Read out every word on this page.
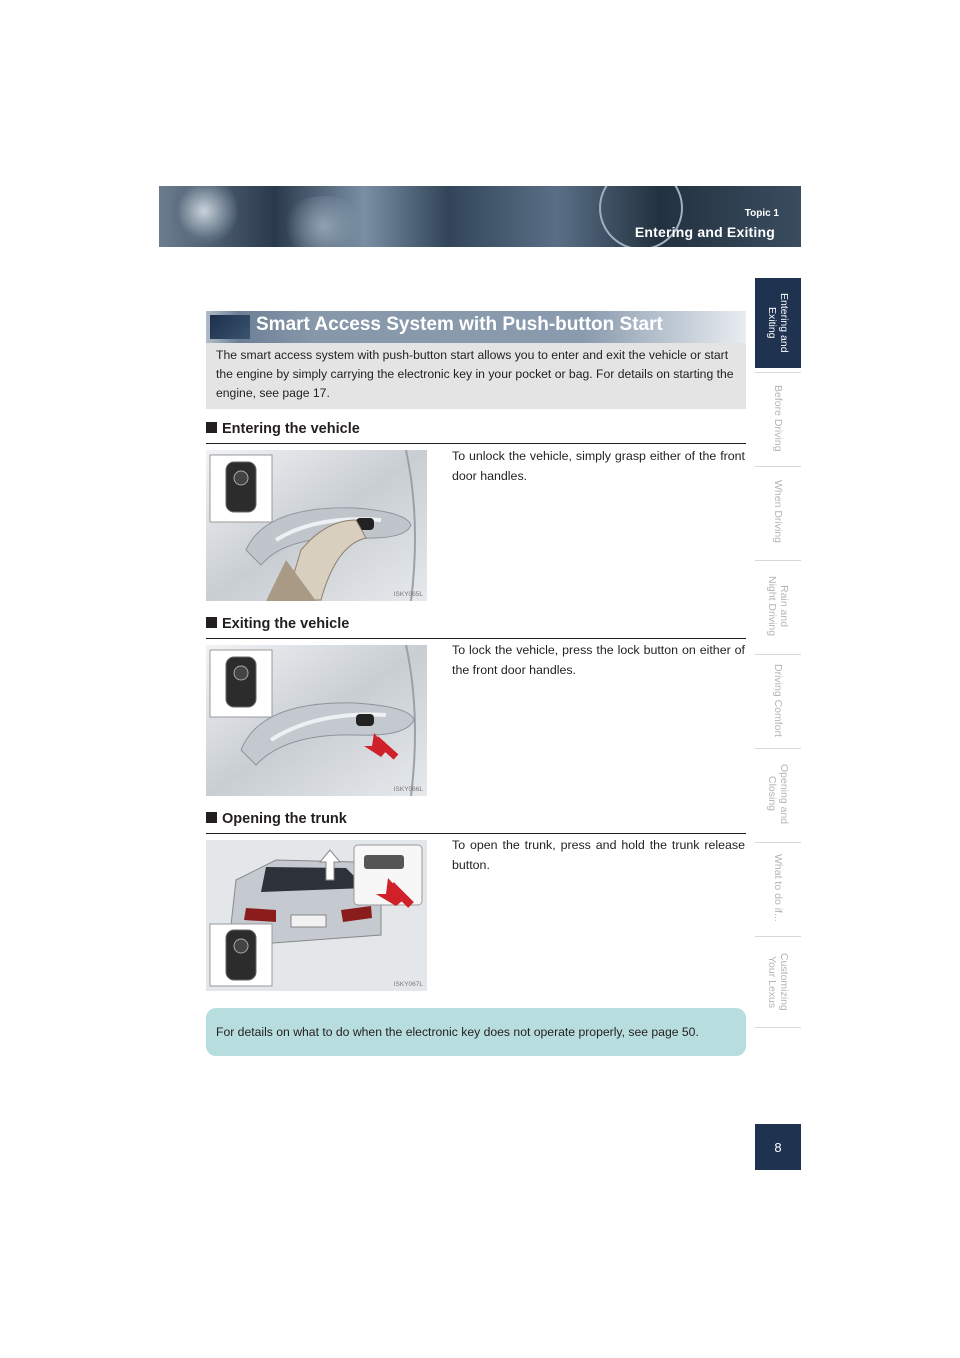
Topic 1
Entering and Exiting
Entering and Exiting
Before Driving
When Driving
Rain and
Night Driving
Driving Comfort
Opening and Closing
What to do if...
Customizing
Your Lexus
8
Smart Access System with Push-button Start

The smart access system with push-button start allows you to enter and exit the vehicle or start the engine by simply carrying the electronic key in your pocket or bag. For details on starting the engine, see page 17.

Entering the vehicle
ISKY065L

To unlock the vehicle, simply grasp either of the front door handles.

Exiting the vehicle
ISKY066L

To lock the vehicle, press the lock button on either of the front door handles.

Opening the trunk
ISKY067L

To open the trunk, press and hold the trunk release button.

For details on what to do when the electronic key does not operate properly, see page 50.
